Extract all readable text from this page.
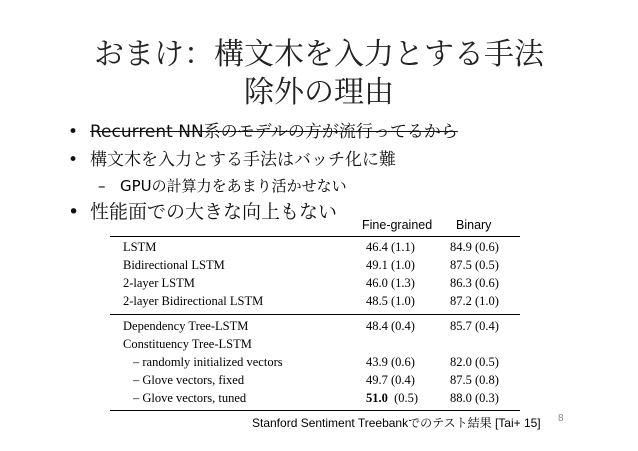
おまけ：構文木を入力とする手法
除外の理由
• Recurrent NN系のモデルの方が流行ってるから
• 構文木を入力とする手法はバッチ化に難
– GPUの計算力をあまり活かせない
• 性能面での大きな向上もない
Fine-grained Binary
LSTM	46.4 (1.1)	84.9 (0.6)
Bidirectional LSTM	49.1 (1.0)	87.5 (0.5)
2-layer LSTM	46.0 (1.3)	86.3 (0.6)
2-layer Bidirectional LSTM	48.5 (1.0)	87.2 (1.0)
Dependency Tree-LSTM	48.4 (0.4)	85.7 (0.4)
Constituency Tree-LSTM
– randomly initialized vectors	43.9 (0.6)	82.0 (0.5)
– Glove vectors, fixed	49.7 (0.4)	87.5 (0.8)
– Glove vectors, tuned	51.0  (0.5)	88.0 (0.3)
Stanford Sentiment Treebankでのテスト結果 [Tai+ 15] 8
